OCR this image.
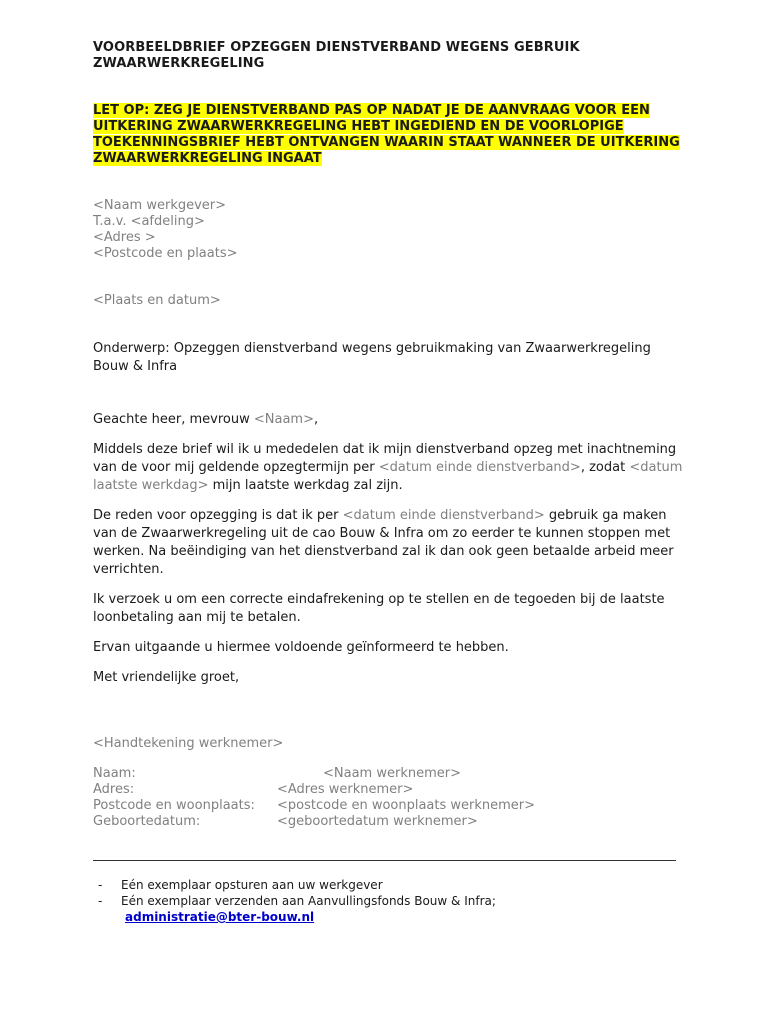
VOORBEELDBRIEF OPZEGGEN DIENSTVERBAND WEGENS GEBRUIK ZWAARWERKREGELING

LET OP: ZEG JE DIENSTVERBAND PAS OP NADAT JE DE AANVRAAG VOOR EEN UITKERING ZWAARWERKREGELING HEBT INGEDIEND EN DE VOORLOPIGE TOEKENNINGSBRIEF HEBT ONTVANGEN WAARIN STAAT WANNEER DE UITKERING ZWAARWERKREGELING INGAAT
<Naam werkgever>
T.a.v. <afdeling>
<Adres >
<Postcode en plaats>
<Plaats en datum>

Onderwerp: Opzeggen dienstverband wegens gebruikmaking van Zwaarwerkregeling Bouw & Infra

Geachte heer, mevrouw <Naam>,

Middels deze brief wil ik u mededelen dat ik mijn dienstverband opzeg met inachtneming van de voor mij geldende opzegtermijn per <datum einde dienstverband>, zodat <datum laatste werkdag> mijn laatste werkdag zal zijn.

De reden voor opzegging is dat ik per <datum einde dienstverband> gebruik ga maken van de Zwaarwerkregeling uit de cao Bouw & Infra om zo eerder te kunnen stoppen met werken. Na beëindiging van het dienstverband zal ik dan ook geen betaalde arbeid meer verrichten.

Ik verzoek u om een correcte eindafrekening op te stellen en de tegoeden bij de laatste loonbetaling aan mij te betalen.

Ervan uitgaande u hiermee voldoende geïnformeerd te hebben.

Met vriendelijke groet,

<Handtekening werknemer>
Naam:	<Naam werknemer>
Adres:	<Adres werknemer>
Postcode en woonplaats: <postcode en woonplaats werknemer>
Geboortedatum:	<geboortedatum werknemer>
- Eén exemplaar opsturen aan uw werkgever
- Eén exemplaar verzenden aan Aanvullingsfonds Bouw & Infra;
administratie@bter-bouw.nl
